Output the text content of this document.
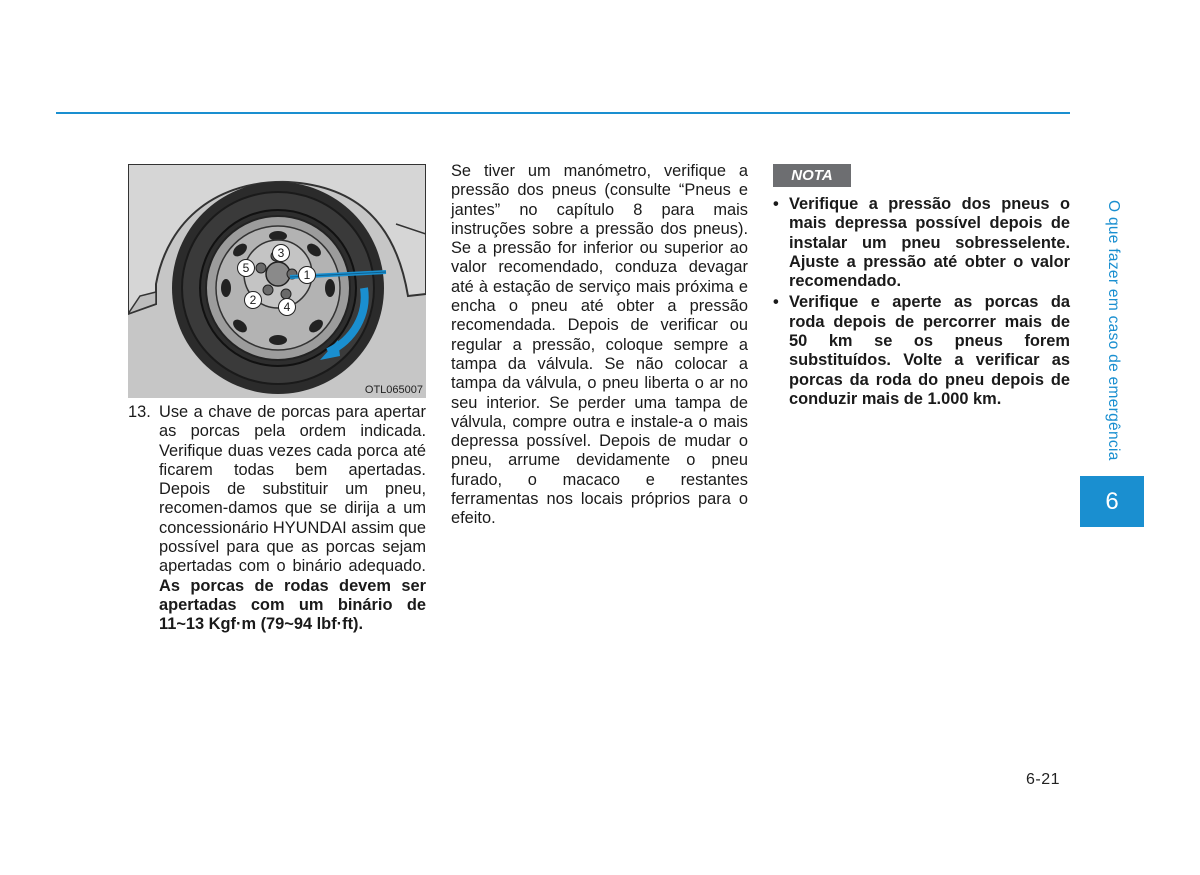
1
2
3
4
5
OTL065007
13. Use a chave de porcas para apertar as porcas pela ordem indicada. Verifique duas vezes cada porca até ficarem todas bem apertadas. Depois de substituir um pneu, recomen-damos que se dirija a um concessionário HYUNDAI assim que possível para que as porcas sejam apertadas com o binário adequado. As porcas de rodas devem ser apertadas com um binário de 11~13 Kgf·m (79~94 lbf·ft).
Se tiver um manómetro, verifique a pressão dos pneus (consulte “Pneus e jantes” no capítulo 8 para mais instruções sobre a pressão dos pneus). Se a pressão for inferior ou superior ao valor recomendado, conduza devagar até à estação de serviço mais próxima e encha o pneu até obter a pressão recomendada. Depois de verificar ou regular a pressão, coloque sempre a tampa da válvula. Se não colocar a tampa da válvula, o pneu liberta o ar no seu interior. Se perder uma tampa de válvula, compre outra e instale-a o mais depressa possível. Depois de mudar o pneu, arrume devidamente o pneu furado, o macaco e restantes ferramentas nos locais próprios para o efeito.
NOTA
• Verifique a pressão dos pneus o mais depressa possível depois de instalar um pneu sobresselente. Ajuste a pressão até obter o valor recomendado.
• Verifique e aperte as porcas da roda depois de percorrer mais de 50 km se os pneus forem substituídos. Volte a verificar as porcas da roda do pneu depois de conduzir mais de 1.000 km.	O que fazer em caso de emergência
6
6-21
